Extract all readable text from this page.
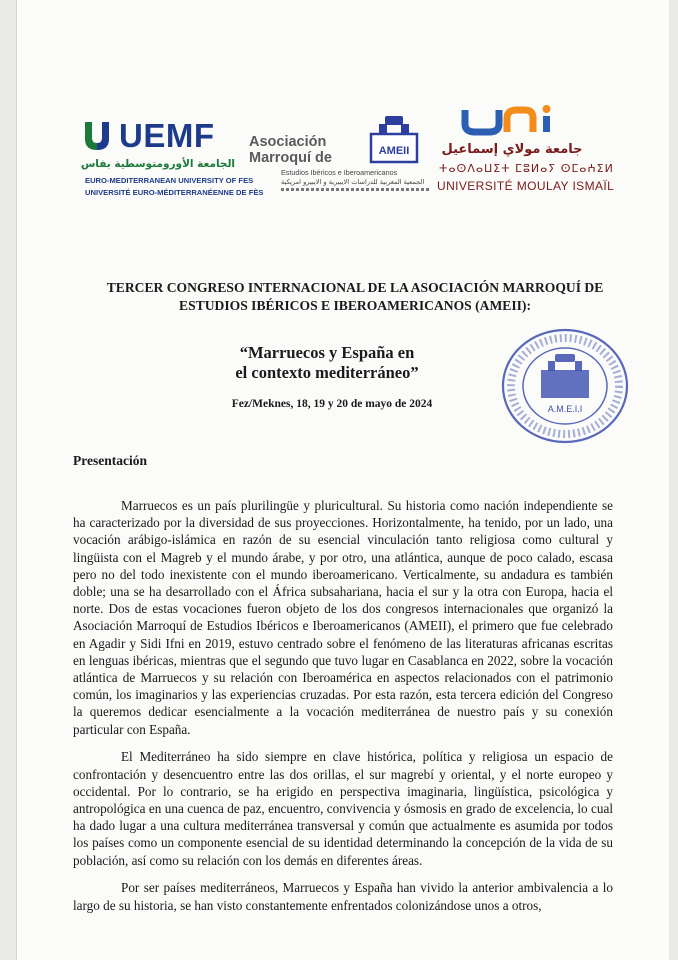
UEMF
الجامعة الأورومتوسطية بفاس
EURO-MEDITERRANEAN UNIVERSITY OF FES
UNIVERSITÉ EURO-MÉDITERRANÉENNE DE FÈS
Asociación
Marroquí de	AMEII
Estudios Ibéricos e Iberoamericanos
الجمعية المغربية للدراسات الايبيرية و الايبيرو امريكية
جامعة مولاي إسماعيل
ⵜⴰⵙⴷⴰⵡⵉⵜ ⵎⵓⵍⴰⵢ ⵙⵎⴰⵄⵉⵍ
UNIVERSITÉ MOULAY ISMAÏL
TERCER CONGRESO INTERNACIONAL DE LA ASOCIACIÓN MARROQUÍ DE ESTUDIOS IBÉRICOS E IBEROAMERICANOS (AMEII):
“Marruecos y España en
el contexto mediterráneo”
Fez/Meknes, 18, 19 y 20 de mayo de 2024	A.M.E.I.I
Presentación

Marruecos es un país plurilingüe y pluricultural. Su historia como nación independiente se ha caracterizado por la diversidad de sus proyecciones. Horizontalmente, ha tenido, por un lado, una vocación arábigo-islámica en razón de su esencial vinculación tanto religiosa como cultural y lingüista con el Magreb y el mundo árabe, y por otro, una atlántica, aunque de poco calado, escasa pero no del todo inexistente con el mundo iberoamericano. Verticalmente, su andadura es también doble; una se ha desarrollado con el África subsahariana, hacia el sur y la otra con Europa, hacia el norte. Dos de estas vocaciones fueron objeto de los dos congresos internacionales que organizó la Asociación Marroquí de Estudios Ibéricos e Iberoamericanos (AMEII), el primero que fue celebrado en Agadir y Sidi Ifni en 2019, estuvo centrado sobre el fenómeno de las literaturas africanas escritas en lenguas ibéricas, mientras que el segundo que tuvo lugar en Casablanca en 2022, sobre la vocación atlántica de Marruecos y su relación con Iberoamérica en aspectos relacionados con el patrimonio común, los imaginarios y las experiencias cruzadas. Por esta razón, esta tercera edición del Congreso la queremos dedicar esencialmente a la vocación mediterránea de nuestro país y su conexión particular con España.

El Mediterráneo ha sido siempre en clave histórica, política y religiosa un espacio de confrontación y desencuentro entre las dos orillas, el sur magrebí y oriental, y el norte europeo y occidental. Por lo contrario, se ha erigido en perspectiva imaginaria, lingüística, psicológica y antropológica en una cuenca de paz, encuentro, convivencia y ósmosis en grado de excelencia, lo cual ha dado lugar a una cultura mediterránea transversal y común que actualmente es asumida por todos los países como un componente esencial de su identidad determinando la concepción de la vida de su población, así como su relación con los demás en diferentes áreas.

Por ser países mediterráneos, Marruecos y España han vivido la anterior ambivalencia a lo largo de su historia, se han visto constantemente enfrentados colonizándose unos a otros,
